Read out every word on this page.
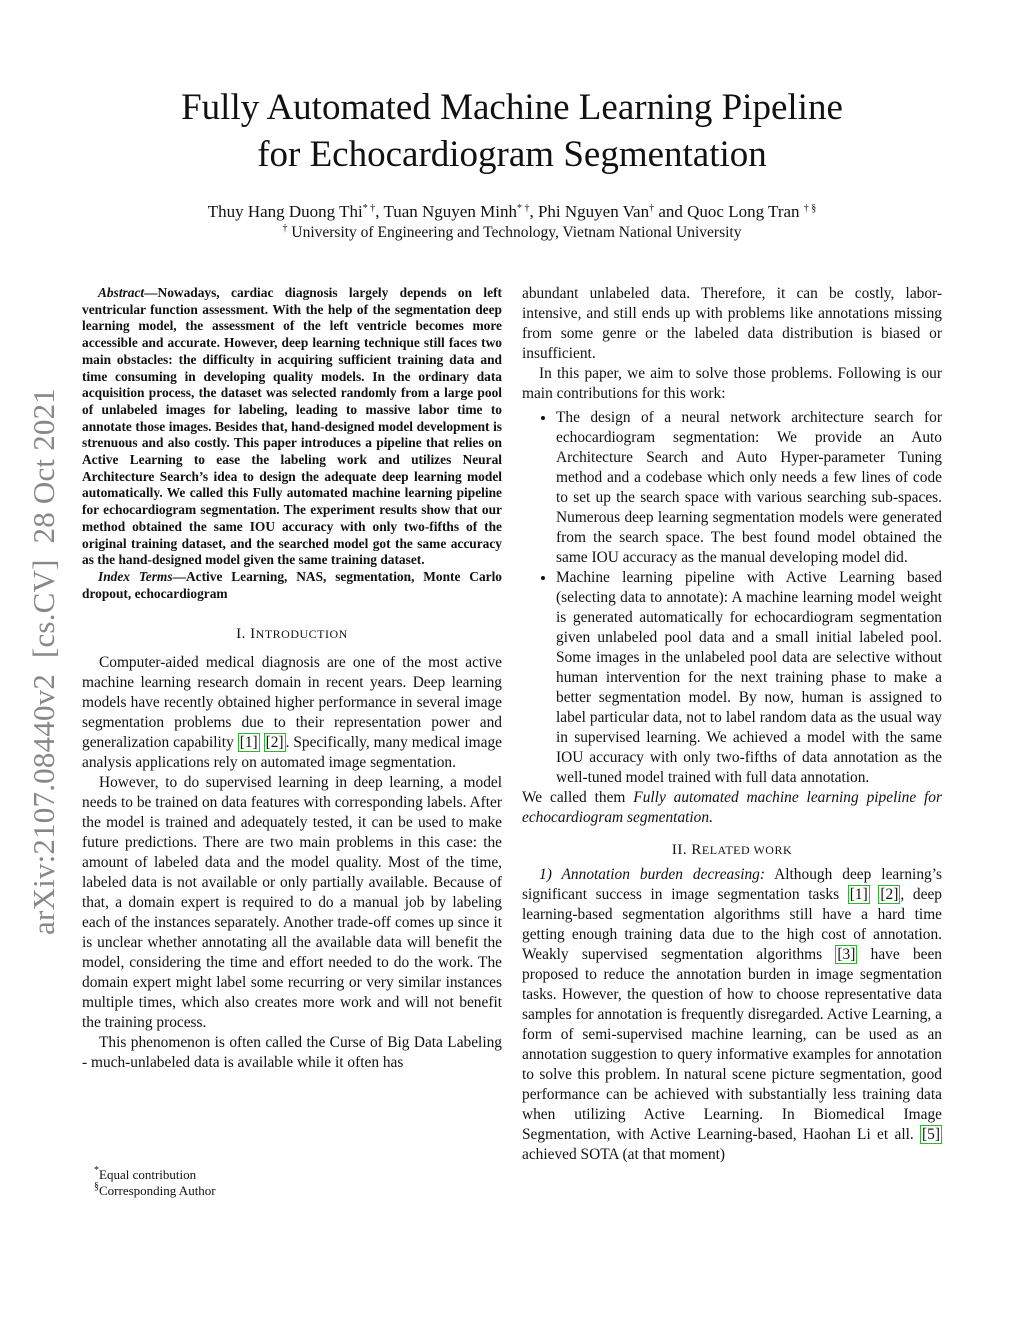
Fully Automated Machine Learning Pipeline
for Echocardiogram Segmentation
Thuy Hang Duong Thi* †, Tuan Nguyen Minh* †, Phi Nguyen Van† and Quoc Long Tran † §
† University of Engineering and Technology, Vietnam National University
arXiv:2107.08440v2  [cs.CV]  28 Oct 2021

Abstract—Nowadays, cardiac diagnosis largely depends on left ventricular function assessment. With the help of the segmentation deep learning model, the assessment of the left ventricle becomes more accessible and accurate. However, deep learning technique still faces two main obstacles: the difficulty in acquiring sufficient training data and time consuming in developing quality models. In the ordinary data acquisition process, the dataset was selected randomly from a large pool of unlabeled images for labeling, leading to massive labor time to annotate those images. Besides that, hand-designed model development is strenuous and also costly. This paper introduces a pipeline that relies on Active Learning to ease the labeling work and utilizes Neural Architecture Search’s idea to design the adequate deep learning model automatically. We called this Fully automated machine learning pipeline for echocardiogram segmentation. The experiment results show that our method obtained the same IOU accuracy with only two-fifths of the original training dataset, and the searched model got the same accuracy as the hand-designed model given the same training dataset.

Index Terms—Active Learning, NAS, segmentation, Monte Carlo dropout, echocardiogram

I. INTRODUCTION

Computer-aided medical diagnosis are one of the most active machine learning research domain in recent years. Deep learning models have recently obtained higher performance in several image segmentation problems due to their representation power and generalization capability [1] [2] . Specifically, many medical image analysis applications rely on automated image segmentation.

However, to do supervised learning in deep learning, a model needs to be trained on data features with corresponding labels. After the model is trained and adequately tested, it can be used to make future predictions. There are two main problems in this case: the amount of labeled data and the model quality. Most of the time, labeled data is not available or only partially available. Because of that, a domain expert is required to do a manual job by labeling each of the instances separately. Another trade-off comes up since it is unclear whether annotating all the available data will benefit the model, considering the time and effort needed to do the work. The domain expert might label some recurring or very similar instances multiple times, which also creates more work and will not benefit the training process.

This phenomenon is often called the Curse of Big Data Labeling - much-unlabeled data is available while it often has

*Equal contribution
§Corresponding Author

abundant unlabeled data. Therefore, it can be costly, labor-intensive, and still ends up with problems like annotations missing from some genre or the labeled data distribution is biased or insufficient.

In this paper, we aim to solve those problems. Following is our main contributions for this work:

• The design of a neural network architecture search for echocardiogram segmentation: We provide an Auto Architecture Search and Auto Hyper-parameter Tuning method and a codebase which only needs a few lines of code to set up the search space with various searching sub-spaces. Numerous deep learning segmentation models were generated from the search space. The best found model obtained the same IOU accuracy as the manual developing model did.
• Machine learning pipeline with Active Learning based (selecting data to annotate): A machine learning model weight is generated automatically for echocardiogram segmentation given unlabeled pool data and a small initial labeled pool. Some images in the unlabeled pool data are selective without human intervention for the next training phase to make a better segmentation model. By now, human is assigned to label particular data, not to label random data as the usual way in supervised learning. We achieved a model with the same IOU accuracy with only two-fifths of data annotation as the well-tuned model trained with full data annotation.

We called them Fully automated machine learning pipeline for echocardiogram segmentation.

II. RELATED WORK

1) Annotation burden decreasing: Although deep learning’s significant success in image segmentation tasks [1] [2] , deep learning-based segmentation algorithms still have a hard time getting enough training data due to the high cost of annotation. Weakly supervised segmentation algorithms [3] have been proposed to reduce the annotation burden in image segmentation tasks. However, the question of how to choose representative data samples for annotation is frequently disregarded. Active Learning, a form of semi-supervised machine learning, can be used as an annotation suggestion to query informative examples for annotation to solve this problem. In natural scene picture segmentation, good performance can be achieved with substantially less training data when utilizing Active Learning. In Biomedical Image Segmentation, with Active Learning-based, Haohan Li et all. [5] achieved SOTA (at that moment)
